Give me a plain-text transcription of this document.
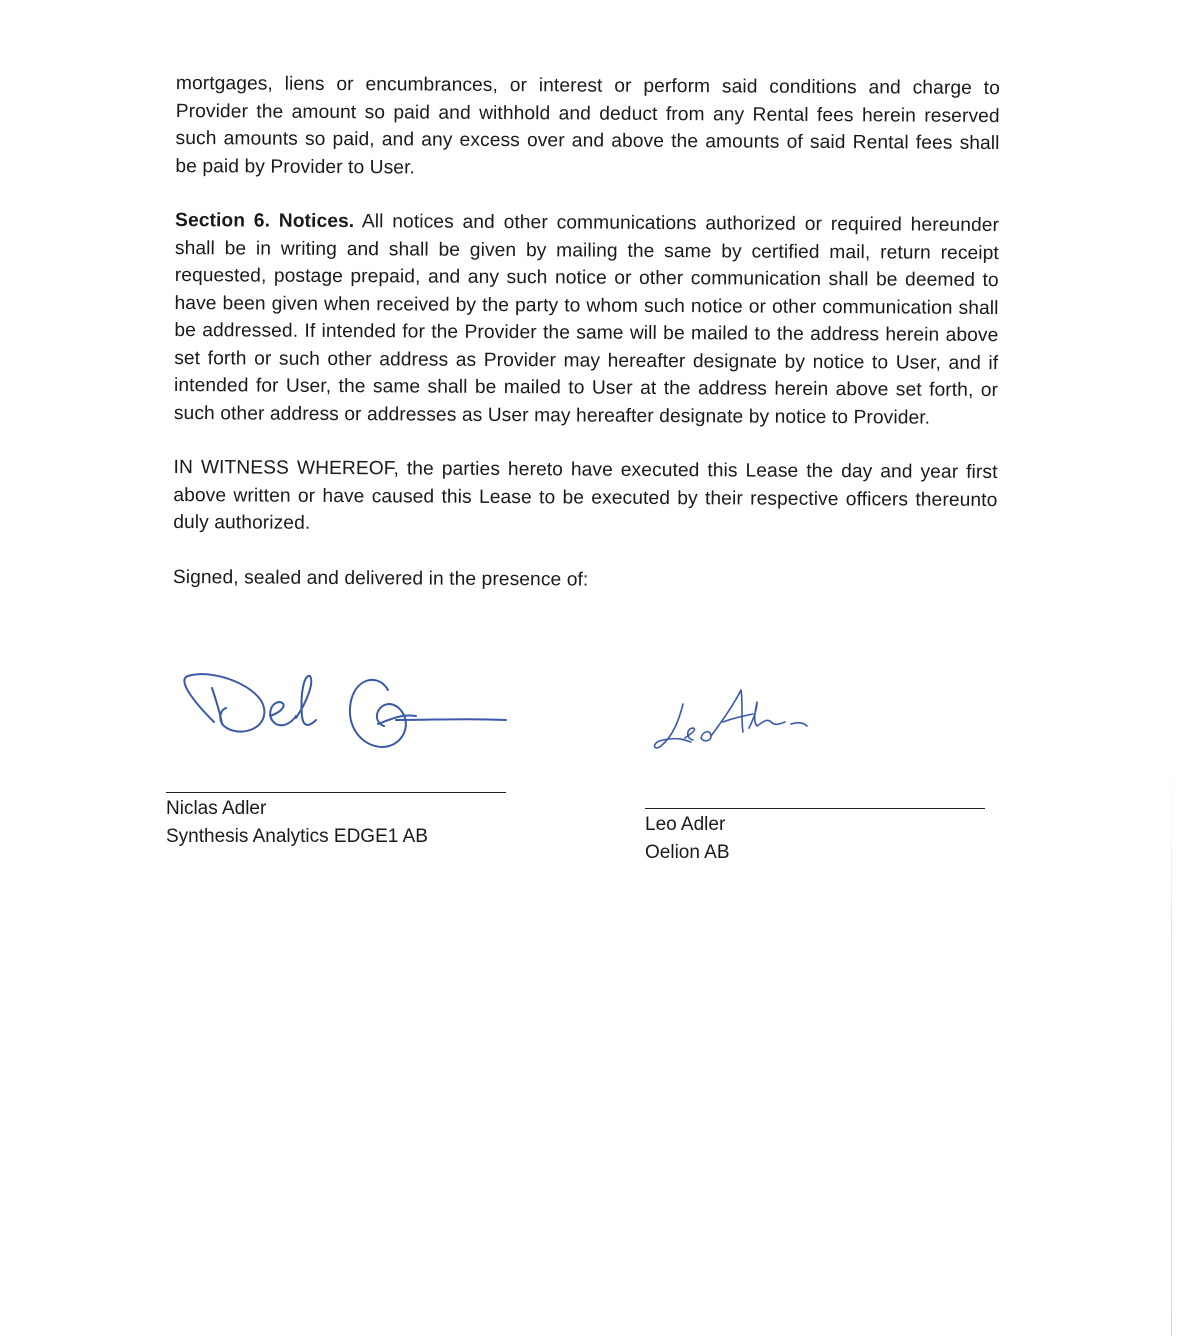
mortgages, liens or encumbrances, or interest or perform said conditions and charge to Provider the amount so paid and withhold and deduct from any Rental fees herein reserved such amounts so paid, and any excess over and above the amounts of said Rental fees shall be paid by Provider to User.

Section 6. Notices. All notices and other communications authorized or required hereunder shall be in writing and shall be given by mailing the same by certified mail, return receipt requested, postage prepaid, and any such notice or other communication shall be deemed to have been given when received by the party to whom such notice or other communication shall be addressed. If intended for the Provider the same will be mailed to the address herein above set forth or such other address as Provider may hereafter designate by notice to User, and if intended for User, the same shall be mailed to User at the address herein above set forth, or such other address or addresses as User may hereafter designate by notice to Provider.

IN WITNESS WHEREOF, the parties hereto have executed this Lease the day and year first above written or have caused this Lease to be executed by their respective officers thereunto duly authorized.

Signed, sealed and delivered in the presence of:

Niclas Adler

Synthesis Analytics EDGE1 AB

Leo Adler

Oelion AB
